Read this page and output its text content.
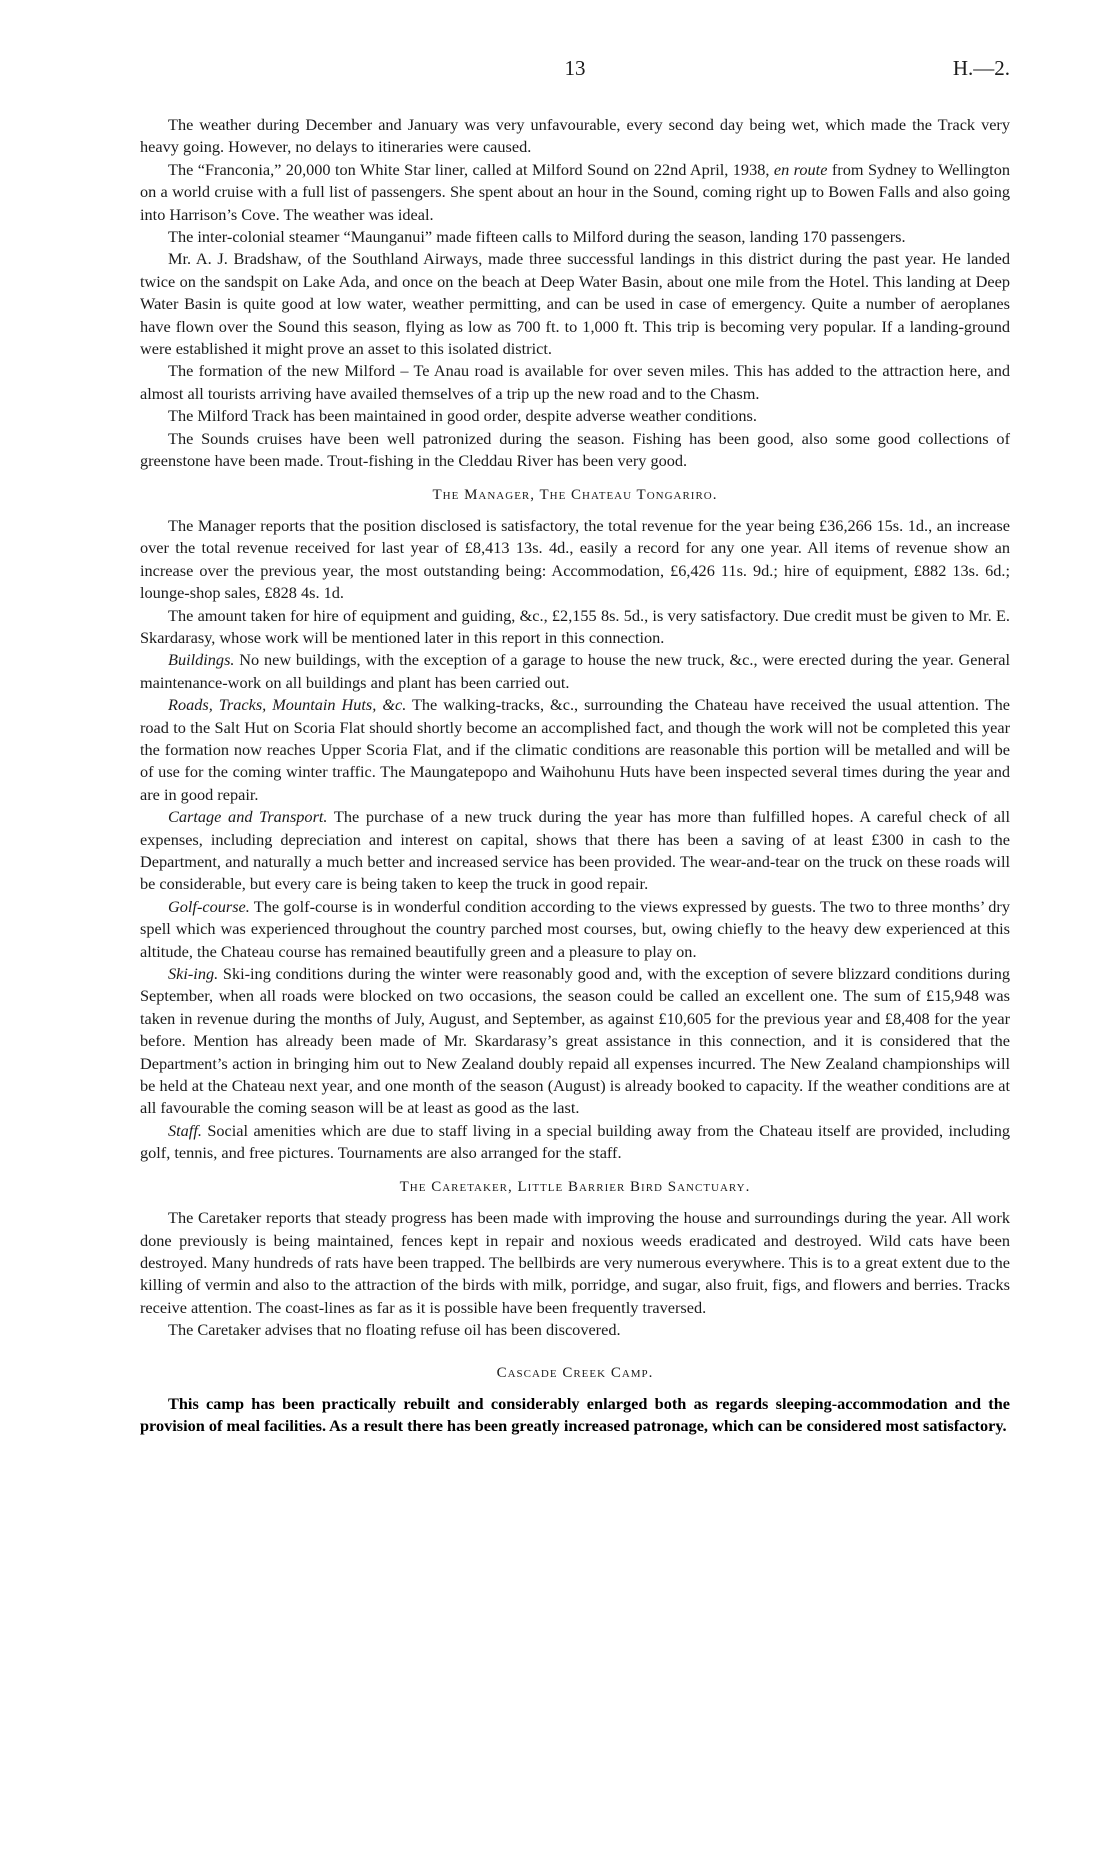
13	H.—2.

The weather during December and January was very unfavourable, every second day being wet, which made the Track very heavy going. However, no delays to itineraries were caused.

The “Franconia,” 20,000 ton White Star liner, called at Milford Sound on 22nd April, 1938, en route from Sydney to Wellington on a world cruise with a full list of passengers. She spent about an hour in the Sound, coming right up to Bowen Falls and also going into Harrison’s Cove. The weather was ideal.

The inter-colonial steamer “Maunganui” made fifteen calls to Milford during the season, landing 170 passengers.

Mr. A. J. Bradshaw, of the Southland Airways, made three successful landings in this district during the past year. He landed twice on the sandspit on Lake Ada, and once on the beach at Deep Water Basin, about one mile from the Hotel. This landing at Deep Water Basin is quite good at low water, weather permitting, and can be used in case of emergency. Quite a number of aeroplanes have flown over the Sound this season, flying as low as 700 ft. to 1,000 ft. This trip is becoming very popular. If a landing-ground were established it might prove an asset to this isolated district.

The formation of the new Milford – Te Anau road is available for over seven miles. This has added to the attraction here, and almost all tourists arriving have availed themselves of a trip up the new road and to the Chasm.

The Milford Track has been maintained in good order, despite adverse weather conditions.

The Sounds cruises have been well patronized during the season. Fishing has been good, also some good collections of greenstone have been made. Trout-fishing in the Cleddau River has been very good.

The Manager, The Chateau Tongariro.

The Manager reports that the position disclosed is satisfactory, the total revenue for the year being £36,266 15s. 1d., an increase over the total revenue received for last year of £8,413 13s. 4d., easily a record for any one year. All items of revenue show an increase over the previous year, the most outstanding being: Accommodation, £6,426 11s. 9d.; hire of equipment, £882 13s. 6d.; lounge-shop sales, £828 4s. 1d.

The amount taken for hire of equipment and guiding, &c., £2,155 8s. 5d., is very satisfactory. Due credit must be given to Mr. E. Skardarasy, whose work will be mentioned later in this report in this connection.

Buildings. No new buildings, with the exception of a garage to house the new truck, &c., were erected during the year. General maintenance-work on all buildings and plant has been carried out.

Roads, Tracks, Mountain Huts, &c. The walking-tracks, &c., surrounding the Chateau have received the usual attention. The road to the Salt Hut on Scoria Flat should shortly become an accomplished fact, and though the work will not be completed this year the formation now reaches Upper Scoria Flat, and if the climatic conditions are reasonable this portion will be metalled and will be of use for the coming winter traffic. The Maungatepopo and Waihohunu Huts have been inspected several times during the year and are in good repair.

Cartage and Transport. The purchase of a new truck during the year has more than fulfilled hopes. A careful check of all expenses, including depreciation and interest on capital, shows that there has been a saving of at least £300 in cash to the Department, and naturally a much better and increased service has been provided. The wear-and-tear on the truck on these roads will be considerable, but every care is being taken to keep the truck in good repair.

Golf-course. The golf-course is in wonderful condition according to the views expressed by guests. The two to three months’ dry spell which was experienced throughout the country parched most courses, but, owing chiefly to the heavy dew experienced at this altitude, the Chateau course has remained beautifully green and a pleasure to play on.

Ski-ing. Ski-ing conditions during the winter were reasonably good and, with the exception of severe blizzard conditions during September, when all roads were blocked on two occasions, the season could be called an excellent one. The sum of £15,948 was taken in revenue during the months of July, August, and September, as against £10,605 for the previous year and £8,408 for the year before. Mention has already been made of Mr. Skardarasy’s great assistance in this connection, and it is considered that the Department’s action in bringing him out to New Zealand doubly repaid all expenses incurred. The New Zealand championships will be held at the Chateau next year, and one month of the season (August) is already booked to capacity. If the weather conditions are at all favourable the coming season will be at least as good as the last.

Staff. Social amenities which are due to staff living in a special building away from the Chateau itself are provided, including golf, tennis, and free pictures. Tournaments are also arranged for the staff.

The Caretaker, Little Barrier Bird Sanctuary.

The Caretaker reports that steady progress has been made with improving the house and surroundings during the year. All work done previously is being maintained, fences kept in repair and noxious weeds eradicated and destroyed. Wild cats have been destroyed. Many hundreds of rats have been trapped. The bellbirds are very numerous everywhere. This is to a great extent due to the killing of vermin and also to the attraction of the birds with milk, porridge, and sugar, also fruit, figs, and flowers and berries. Tracks receive attention. The coast-lines as far as it is possible have been frequently traversed.

The Caretaker advises that no floating refuse oil has been discovered.

Cascade Creek Camp.

This camp has been practically rebuilt and considerably enlarged both as regards sleeping-accommodation and the provision of meal facilities. As a result there has been greatly increased patronage, which can be considered most satisfactory.
